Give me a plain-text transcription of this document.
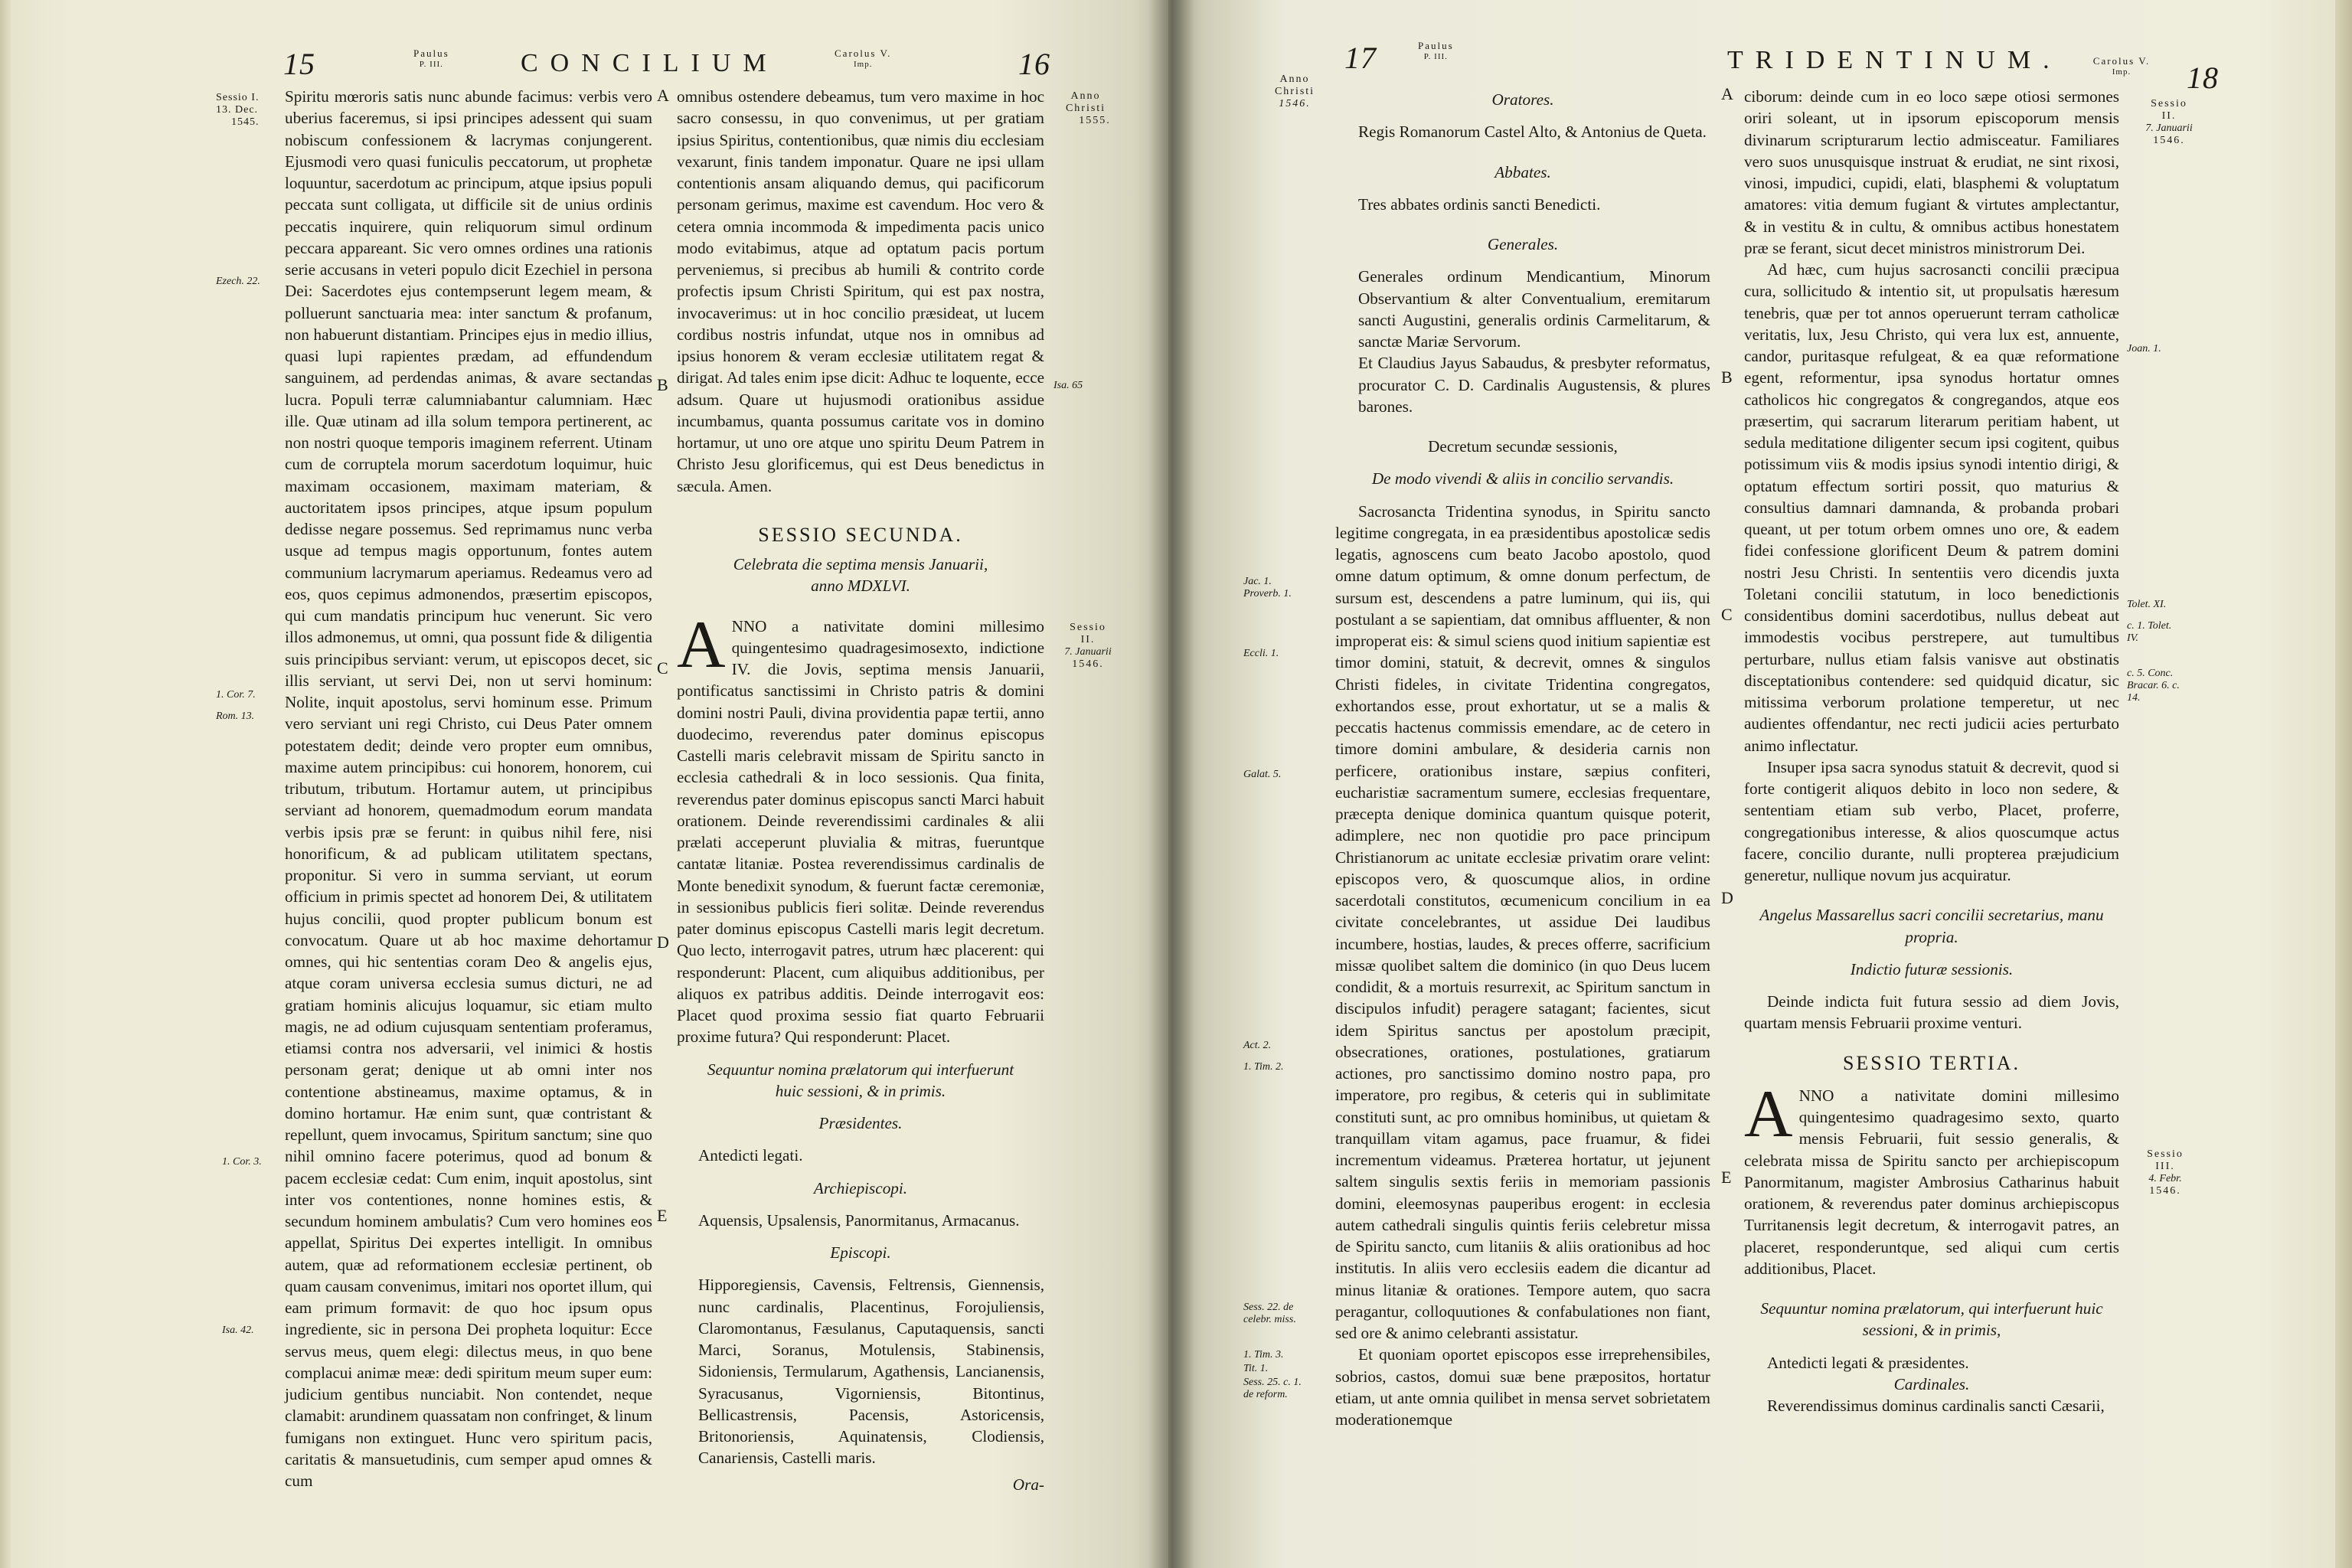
15	Paulus
P. III.	CONCILIUM	Carolus V.
Imp.	16
Sessio I.
13. Dec.
1545.
Ezech. 22.
1. Cor. 7.
Rom. 13.
1. Cor. 3.
Isa. 42.

Spiritu mœroris satis nunc abunde facimus: verbis vero uberius faceremus, si ipsi principes adessent qui suam nobiscum confessionem & lacrymas conjungerent. Ejusmodi vero quasi funiculis peccatorum, ut prophetæ loquuntur, sacerdotum ac principum, atque ipsius populi peccata sunt colligata, ut difficile sit de unius ordinis peccatis inquirere, quin reliquorum simul ordinum peccara appareant. Sic vero omnes ordines una rationis serie accusans in veteri populo dicit Ezechiel in persona Dei: Sacerdotes ejus contempserunt legem meam, & polluerunt sanctuaria mea: inter sanctum & profanum, non habuerunt distantiam. Principes ejus in medio illius, quasi lupi rapientes prædam, ad effundendum sanguinem, ad perdendas animas, & avare sectandas lucra. Populi terræ calumniabantur calumniam. Hæc ille. Quæ utinam ad illa solum tempora pertinerent, ac non nostri quoque temporis imaginem referrent. Utinam cum de corruptela morum sacerdotum loquimur, huic maximam occasionem, maximam materiam, & auctoritatem ipsos principes, atque ipsum populum dedisse negare possemus. Sed reprimamus nunc verba usque ad tempus magis opportunum, fontes autem communium lacrymarum aperiamus. Redeamus vero ad eos, quos cepimus admonendos, præsertim episcopos, qui cum mandatis principum huc venerunt. Sic vero illos admonemus, ut omni, qua possunt fide & diligentia suis principibus serviant: verum, ut episcopos decet, sic illis serviant, ut servi Dei, non ut servi hominum: Nolite, inquit apostolus, servi hominum esse. Primum vero serviant uni regi Christo, cui Deus Pater omnem potestatem dedit; deinde vero propter eum omnibus, maxime autem principibus: cui honorem, honorem, cui tributum, tributum. Hortamur autem, ut principibus serviant ad honorem, quemadmodum eorum mandata verbis ipsis præ se ferunt: in quibus nihil fere, nisi honorificum, & ad publicam utilitatem spectans, proponitur. Si vero in summa serviant, ut eorum officium in primis spectet ad honorem Dei, & utilitatem hujus concilii, quod propter publicum bonum est convocatum. Quare ut ab hoc maxime dehortamur omnes, qui hic sententias coram Deo & angelis ejus, atque coram universa ecclesia sumus dicturi, ne ad gratiam hominis alicujus loquamur, sic etiam multo magis, ne ad odium cujusquam sententiam proferamus, etiamsi contra nos adversarii, vel inimici & hostis personam gerat; denique ut ab omni inter nos contentione abstineamus, maxime optamus, & in domino hortamur. Hæ enim sunt, quæ contristant & repellunt, quem invocamus, Spiritum sanctum; sine quo nihil omnino facere poterimus, quod ad bonum & pacem ecclesiæ cedat: Cum enim, inquit apostolus, sint inter vos contentiones, nonne homines estis, & secundum hominem ambulatis? Cum vero homines eos appellat, Spiritus Dei expertes intelligit. In omnibus autem, quæ ad reformationem ecclesiæ pertinent, ob quam causam convenimus, imitari nos oportet illum, qui eam primum formavit: de quo hoc ipsum opus ingrediente, sic in persona Dei propheta loquitur: Ecce servus meus, quem elegi: dilectus meus, in quo bene complacui animæ meæ: dedi spiritum meum super eum: judicium gentibus nunciabit. Non contendet, neque clamabit: arundinem quassatam non confringet, & linum fumigans non extinguet. Hunc vero spiritum pacis, caritatis & mansuetudinis, cum semper apud omnes & cum

A
B
C
D
E

omnibus ostendere debeamus, tum vero maxime in hoc sacro consessu, in quo convenimus, ut per gratiam ipsius Spiritus, contentionibus, quæ nimis diu ecclesiam vexarunt, finis tandem imponatur. Quare ne ipsi ullam contentionis ansam aliquando demus, qui pacificorum personam gerimus, maxime est cavendum. Hoc vero & cetera omnia incommoda & impedimenta pacis unico modo evitabimus, atque ad optatum pacis portum perveniemus, si precibus ab humili & contrito corde profectis ipsum Christi Spiritum, qui est pax nostra, invocaverimus: ut in hoc concilio præsideat, ut lucem cordibus nostris infundat, utque nos in omnibus ad ipsius honorem & veram ecclesiæ utilitatem regat & dirigat. Ad tales enim ipse dicit: Adhuc te loquente, ecce adsum. Quare ut hujusmodi orationibus assidue incumbamus, quanta possumus caritate vos in domino hortamur, ut uno ore atque uno spiritu Deum Patrem in Christo Jesu glorificemus, qui est Deus benedictus in sæcula. Amen.

SESSIO SECUNDA.

Celebrata die septima mensis Januarii, anno MDXLVI.

ANNO a nativitate domini millesimo quingentesimo quadragesimosexto, indictione IV. die Jovis, septima mensis Januarii, pontificatus sanctissimi in Christo patris & domini domini nostri Pauli, divina providentia papæ tertii, anno duodecimo, reverendus pater dominus episcopus Castelli maris celebravit missam de Spiritu sancto in ecclesia cathedrali & in loco sessionis. Qua finita, reverendus pater dominus episcopus sancti Marci habuit orationem. Deinde reverendissimi cardinales & alii prælati acceperunt pluvialia & mitras, fueruntque cantatæ litaniæ. Postea reverendissimus cardinalis de Monte benedixit synodum, & fuerunt factæ ceremoniæ, in sessionibus publicis fieri solitæ. Deinde reverendus pater dominus episcopus Castelli maris legit decretum. Quo lecto, interrogavit patres, utrum hæc placerent: qui responderunt: Placent, cum aliquibus additionibus, per aliquos ex patribus additis. Deinde interrogavit eos: Placet quod proxima sessio fiat quarto Februarii proxime futura? Qui responderunt: Placet.

Sequuntur nomina prælatorum qui interfuerunt huic sessioni, & in primis.

Præsidentes.

Antedicti legati.

Archiepiscopi.

Aquensis, Upsalensis, Panormitanus, Armacanus.

Episcopi.

Hipporegiensis, Cavensis, Feltrensis, Giennensis, nunc cardinalis, Placentinus, Forojuliensis, Claromontanus, Fæsulanus, Caputaquensis, sancti Marci, Soranus, Motulensis, Stabinensis, Sidoniensis, Termularum, Agathensis, Lancianensis, Syracusanus, Vigorniensis, Bitontinus, Bellicastrensis, Pacensis, Astoricensis, Britonoriensis, Aquinatensis, Clodiensis, Canariensis, Castelli maris.

Ora-

Anno
Christi
1555.
Isa. 65
Sessio
II.
7. Januarii
1546.
17	Paulus
P. III.	TRIDENTINUM.	Carolus V.
Imp.	18
Anno Christi
1546.	Oratores.

Regis Romanorum Castel Alto, & Antonius de Queta.

Abbates.

Tres abbates ordinis sancti Benedicti.

Generales.

Generales ordinum Mendicantium, Minorum Observantium & alter Conventualium, eremitarum sancti Augustini, generalis ordinis Carmelitarum, & sanctæ Mariæ Servorum.

Et Claudius Jayus Sabaudus, & presbyter reformatus, procurator C. D. Cardinalis Augustensis, & plures barones.

Decretum secundæ sessionis,

De modo vivendi & aliis in concilio servandis.

Sacrosancta Tridentina synodus, in Spiritu sancto legitime congregata, in ea præsidentibus apostolicæ sedis legatis, agnoscens cum beato Jacobo apostolo, quod omne datum optimum, & omne donum perfectum, de sursum est, descendens a patre luminum, qui iis, qui postulant a se sapientiam, dat omnibus affluenter, & non improperat eis: & simul sciens quod initium sapientiæ est timor domini, statuit, & decrevit, omnes & singulos Christi fideles, in civitate Tridentina congregatos, exhortandos esse, prout exhortatur, ut se a malis & peccatis hactenus commissis emendare, ac de cetero in timore domini ambulare, & desideria carnis non perficere, orationibus instare, sæpius confiteri, eucharistiæ sacramentum sumere, ecclesias frequentare, præcepta denique dominica quantum quisque poterit, adimplere, nec non quotidie pro pace principum Christianorum ac unitate ecclesiæ privatim orare velint: episcopos vero, & quoscumque alios, in ordine sacerdotali constitutos, œcumenicum concilium in ea civitate concelebrantes, ut assidue Dei laudibus incumbere, hostias, laudes, & preces offerre, sacrificium missæ quolibet saltem die dominico (in quo Deus lucem condidit, & a mortuis resurrexit, ac Spiritum sanctum in discipulos infudit) peragere satagant; facientes, sicut idem Spiritus sanctus per apostolum præcipit, obsecrationes, orationes, postulationes, gratiarum actiones, pro sanctissimo domino nostro papa, pro imperatore, pro regibus, & ceteris qui in sublimitate constituti sunt, ac pro omnibus hominibus, ut quietam & tranquillam vitam agamus, pace fruamur, & fidei incrementum videamus. Præterea hortatur, ut jejunent saltem singulis sextis feriis in memoriam passionis domini, eleemosynas pauperibus erogent: in ecclesia autem cathedrali singulis quintis feriis celebretur missa de Spiritu sancto, cum litaniis & aliis orationibus ad hoc institutis. In aliis vero ecclesiis eadem die dicantur ad minus litaniæ & orationes. Tempore autem, quo sacra peragantur, colloquutiones & confabulationes non fiant, sed ore & animo celebranti assistatur.

Et quoniam oportet episcopos esse irreprehensibiles, sobrios, castos, domui suæ bene præpositos, hortatur etiam, ut ante omnia quilibet in mensa servet sobrietatem moderationemque

Jac. 1.
Proverb. 1.
Eccli. 1.
Galat. 5.
Act. 2.
1. Tim. 2.
Sess. 22. de celebr. miss.
1. Tim. 3.
Tit. 1.
Sess. 25. c. 1. de reform.
A
B
C
D
E

ciborum: deinde cum in eo loco sæpe otiosi sermones oriri soleant, ut in ipsorum episcoporum mensis divinarum scripturarum lectio admisceatur. Familiares vero suos unusquisque instruat & erudiat, ne sint rixosi, vinosi, impudici, cupidi, elati, blasphemi & voluptatum amatores: vitia demum fugiant & virtutes amplectantur, & in vestitu & in cultu, & omnibus actibus honestatem præ se ferant, sicut decet ministros ministrorum Dei.

Ad hæc, cum hujus sacrosancti concilii præcipua cura, sollicitudo & intentio sit, ut propulsatis hæresum tenebris, quæ per tot annos operuerunt terram catholicæ veritatis, lux, Jesu Christo, qui vera lux est, annuente, candor, puritasque refulgeat, & ea quæ reformatione egent, reformentur, ipsa synodus hortatur omnes catholicos hic congregatos & congregandos, atque eos præsertim, qui sacrarum literarum peritiam habent, ut sedula meditatione diligenter secum ipsi cogitent, quibus potissimum viis & modis ipsius synodi intentio dirigi, & optatum effectum sortiri possit, quo maturius & consultius damnari damnanda, & probanda probari queant, ut per totum orbem omnes uno ore, & eadem fidei confessione glorificent Deum & patrem domini nostri Jesu Christi. In sententiis vero dicendis juxta Toletani concilii statutum, in loco benedictionis considentibus domini sacerdotibus, nullus debeat aut immodestis vocibus perstrepere, aut tumultibus perturbare, nullus etiam falsis vanisve aut obstinatis disceptationibus contendere: sed quidquid dicatur, sic mitissima verborum prolatione temperetur, ut nec audientes offendantur, nec recti judicii acies perturbato animo inflectatur.

Insuper ipsa sacra synodus statuit & decrevit, quod si forte contigerit aliquos debito in loco non sedere, & sententiam etiam sub verbo, Placet, proferre, congregationibus interesse, & alios quoscumque actus facere, concilio durante, nulli propterea præjudicium generetur, nullique novum jus acquiratur.

Angelus Massarellus sacri concilii secretarius, manu propria.

Indictio futuræ sessionis.

Deinde indicta fuit futura sessio ad diem Jovis, quartam mensis Februarii proxime venturi.

SESSIO TERTIA.

ANNO a nativitate domini millesimo quingentesimo quadragesimo sexto, quarto mensis Februarii, fuit sessio generalis, & celebrata missa de Spiritu sancto per archiepiscopum Panormitanum, magister Ambrosius Catharinus habuit orationem, & reverendus pater dominus archiepiscopus Turritanensis legit decretum, & interrogavit patres, an placeret, responderuntque, sed aliqui cum certis additionibus, Placet.

Sequuntur nomina prælatorum, qui interfuerunt huic sessioni, & in primis,

Antedicti legati & præsidentes.

Cardinales.

Reverendissimus dominus cardinalis sancti Cæsarii,

Sessio
II.
7. Januarii
1546.
Joan. 1.
Tolet. XI.
c. 1. Tolet. IV.
c. 5. Conc. Bracar. 6. c. 14.
Sessio
III.
4. Febr.
1546.
